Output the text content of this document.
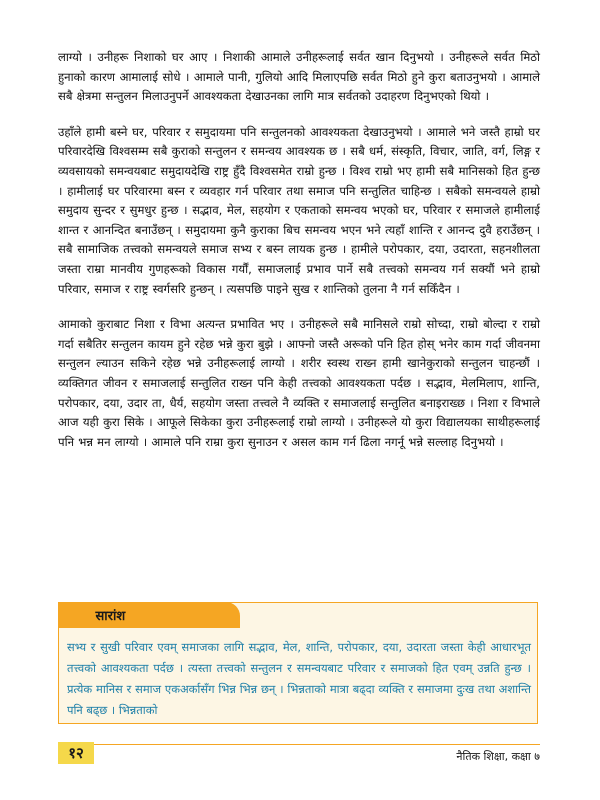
लाग्यो । उनीहरू निशाको घर आए । निशाकी आमाले उनीहरूलाई सर्वत खान दिनुभयो । उनीहरूले सर्वत मिठो हुनाको कारण आमालाई सोधे । आमाले पानी, गुलियो आदि मिलाएपछि सर्वत मिठो हुने कुरा बताउनुभयो । आमाले सबै क्षेत्रमा सन्तुलन मिलाउनुपर्ने आवश्यकता देखाउनका लागि मात्र सर्वतको उदाहरण दिनुभएको थियो ।

उहाँले हामी बस्ने घर, परिवार र समुदायमा पनि सन्तुलनको आवश्यकता देखाउनुभयो । आमाले भने जस्तै हाम्रो घर परिवारदेखि विश्वसम्म सबै कुराको सन्तुलन र समन्वय आवश्यक छ । सबै धर्म, संस्कृति, विचार, जाति, वर्ग, लिङ्ग र व्यवसायको समन्वयबाट समुदायदेखि राष्ट्र हुँदै विश्वसमेत राम्रो हुन्छ । विश्व राम्रो भए हामी सबै मानिसको हित हुन्छ । हामीलाई घर परिवारमा बस्न र व्यवहार गर्न परिवार तथा समाज पनि सन्तुलित चाहिन्छ । सबैको समन्वयले हाम्रो समुदाय सुन्दर र सुमधुर हुन्छ । सद्भाव, मेल, सहयोग र एकताको समन्वय भएको घर, परिवार र समाजले हामीलाई शान्त र आनन्दित बनाउँछन् । समुदायमा कुनै कुराका बिच समन्वय भएन भने त्यहाँ शान्ति र आनन्द दुवै हराउँछन् । सबै सामाजिक तत्त्वको समन्वयले समाज सभ्य र बस्न लायक हुन्छ । हामीले परोपकार, दया, उदारता, सहनशीलता जस्ता राम्रा मानवीय गुणहरूको विकास गर्यौं, समाजलाई प्रभाव पार्ने सबै तत्त्वको समन्वय गर्न सक्यौं भने हाम्रो परिवार, समाज र राष्ट्र स्वर्गसरि हुन्छन् । त्यसपछि पाइने सुख र शान्तिको तुलना नै गर्न सकिँदैन ।

आमाको कुराबाट निशा र विभा अत्यन्त प्रभावित भए । उनीहरूले सबै मानिसले राम्रो सोच्दा, राम्रो बोल्दा र राम्रो गर्दा सबैतिर सन्तुलन कायम हुने रहेछ भन्ने कुरा बुझे । आफ्नो जस्तै अरूको पनि हित होस् भनेर काम गर्दा जीवनमा सन्तुलन ल्याउन सकिने रहेछ भन्ने उनीहरूलाई लाग्यो । शरीर स्वस्थ राख्न हामी खानेकुराको सन्तुलन चाहन्छौं । व्यक्तिगत जीवन र समाजलाई सन्तुलित राख्न पनि केही तत्त्वको आवश्यकता पर्दछ । सद्भाव, मेलमिलाप, शान्ति, परोपकार, दया, उदार ता, धैर्य, सहयोग जस्ता तत्त्वले नै व्यक्ति र समाजलाई सन्तुलित बनाइराख्छ । निशा र विभाले आज यही कुरा सिके । आफूले सिकेका कुरा उनीहरूलाई राम्रो लाग्यो । उनीहरूले यो कुरा विद्यालयका साथीहरूलाई पनि भन्न मन लाग्यो । आमाले पनि राम्रा कुरा सुनाउन र असल काम गर्न ढिला नगर्नू भन्ने सल्लाह दिनुभयो ।

सारांश

सभ्य र सुखी परिवार एवम् समाजका लागि सद्भाव, मेल, शान्ति, परोपकार, दया, उदारता जस्ता केही आधारभूत तत्त्वको आवश्यकता पर्दछ । त्यस्ता तत्त्वको सन्तुलन र समन्वयबाट परिवार र समाजको हित एवम् उन्नति हुन्छ । प्रत्येक मानिस र समाज एकअर्कासँग भिन्न भिन्न छन् । भिन्नताको मात्रा बढ्दा व्यक्ति र समाजमा दुःख तथा अशान्ति पनि बढ्छ । भिन्नताको

१२	नैतिक शिक्षा, कक्षा ७
